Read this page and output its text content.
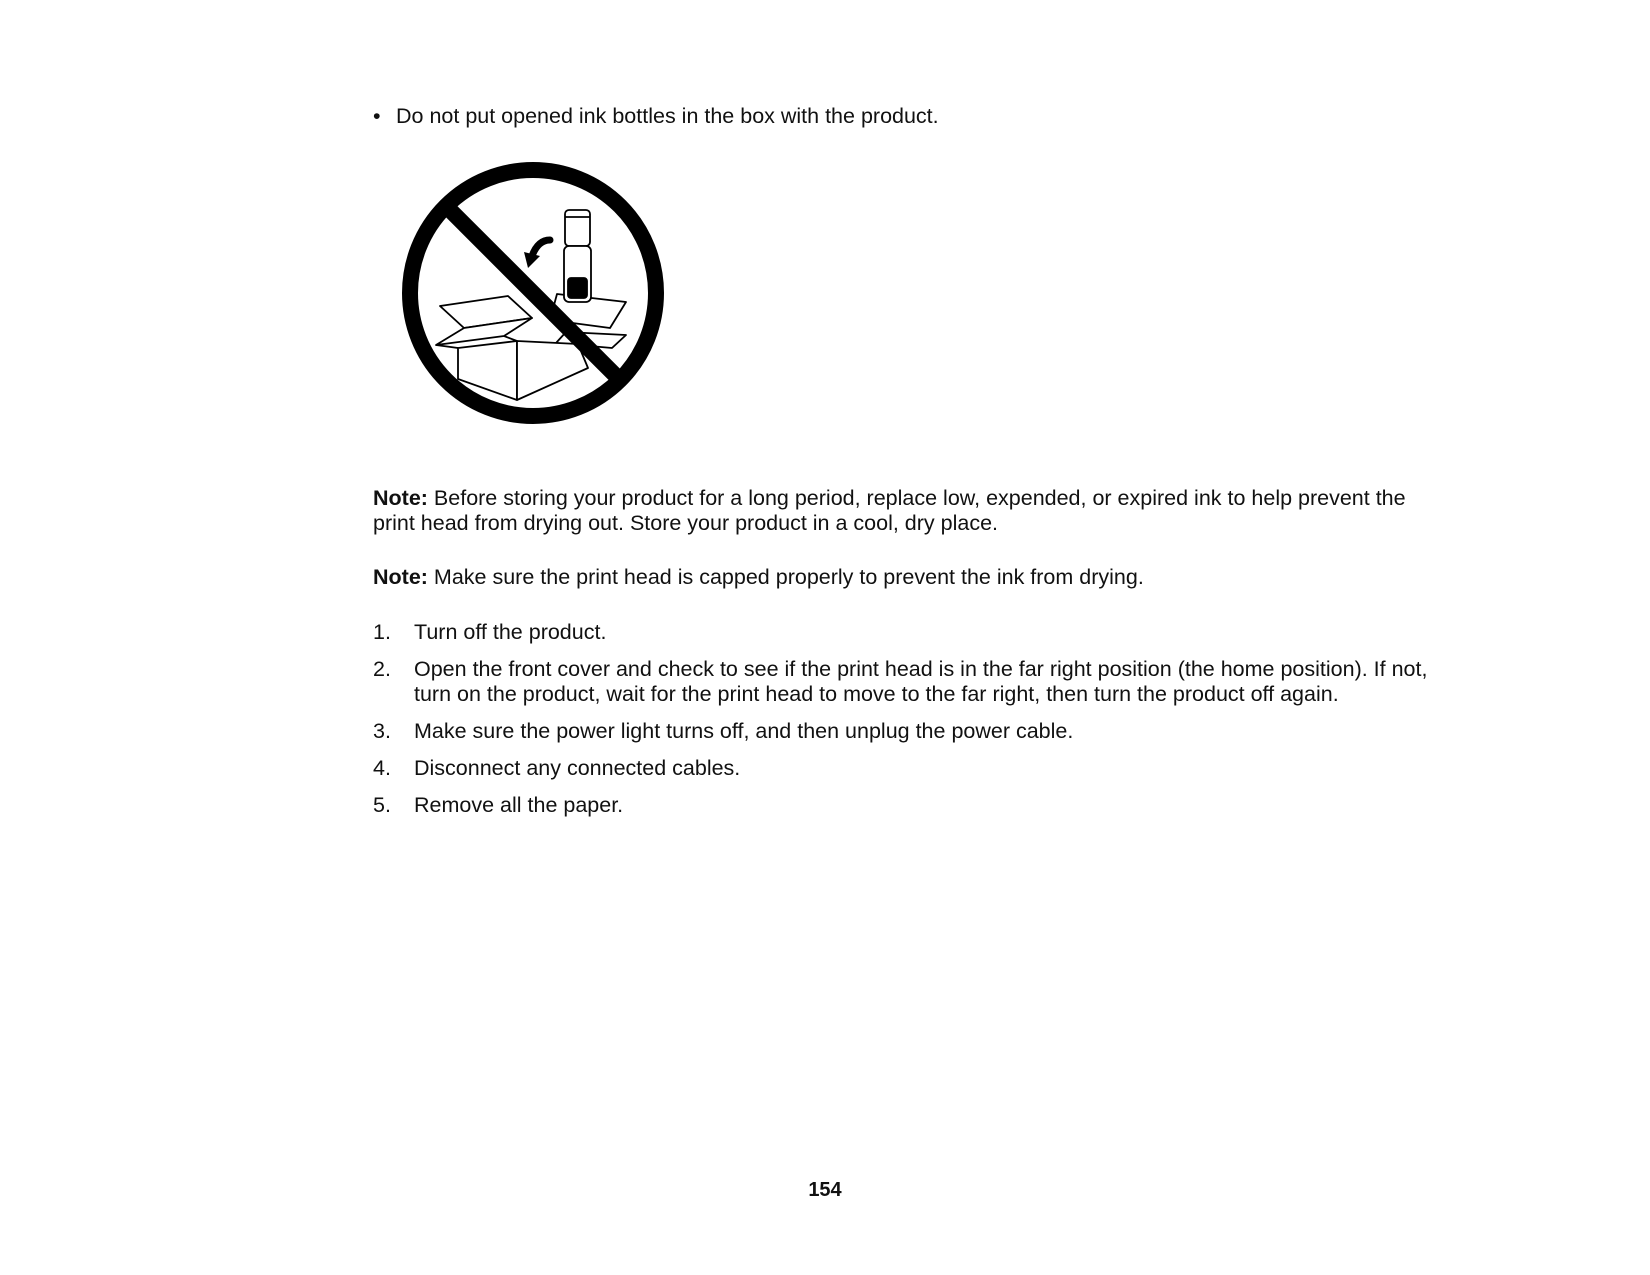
• Do not put opened ink bottles in the box with the product.
Note: Before storing your product for a long period, replace low, expended, or expired ink to help prevent the print head from drying out. Store your product in a cool, dry place.
Note: Make sure the print head is capped properly to prevent the ink from drying.
1.	Turn off the product.
2.	Open the front cover and check to see if the print head is in the far right position (the home position). If not, turn on the product, wait for the print head to move to the far right, then turn the product off again.
3.	Make sure the power light turns off, and then unplug the power cable.
4.	Disconnect any connected cables.
5.	Remove all the paper.
154
